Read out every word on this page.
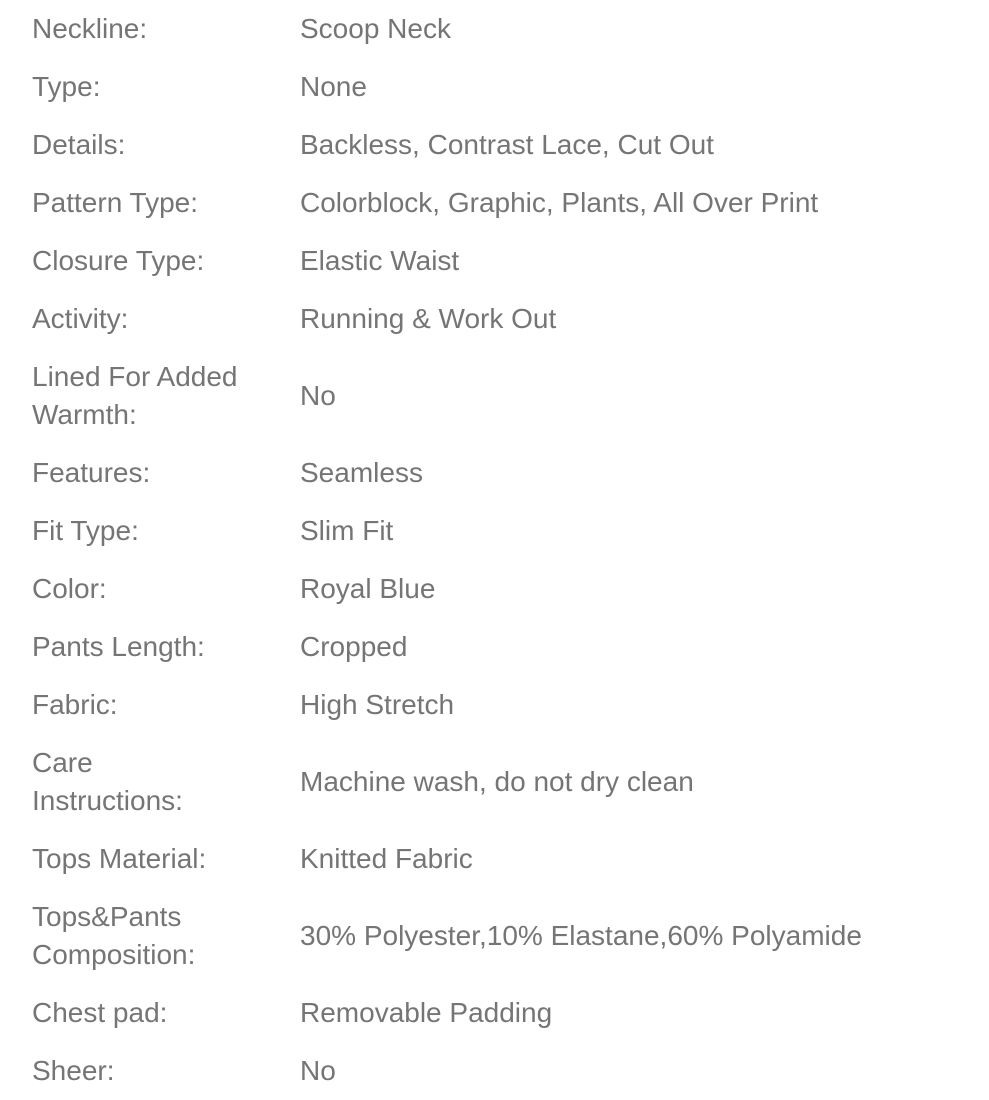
Neckline:	Scoop Neck
Type:	None
Details:	Backless, Contrast Lace, Cut Out
Pattern Type:	Colorblock, Graphic, Plants, All Over Print
Closure Type:	Elastic Waist
Activity:	Running & Work Out
Lined For Added Warmth:
No
Features:	Seamless
Fit Type:	Slim Fit
Color:	Royal Blue
Pants Length:	Cropped
Fabric:	High Stretch
Care Instructions:
Machine wash, do not dry clean
Tops Material:	Knitted Fabric
Tops&Pants Composition:
30% Polyester,10% Elastane,60% Polyamide
Chest pad:	Removable Padding
Sheer:	No
